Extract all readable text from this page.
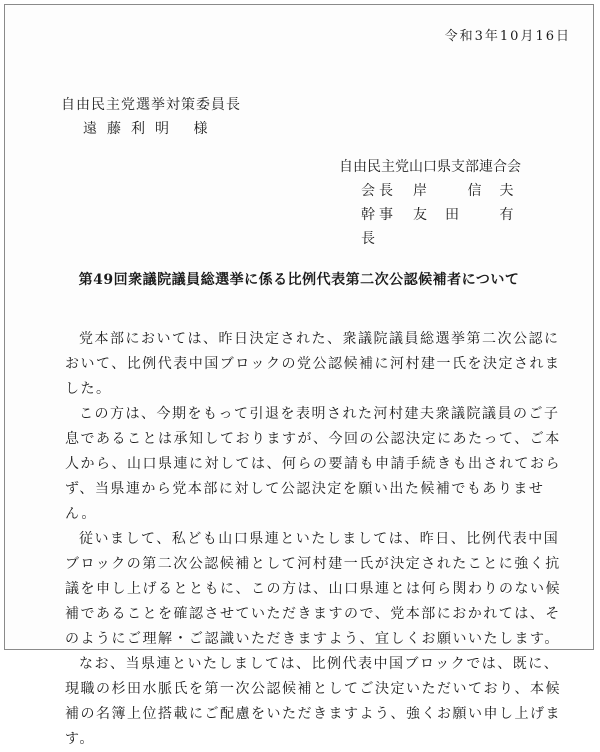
令和3年10月16日
自由民主党選挙対策委員長
遠藤利明 様
自由民主党山口県支部連合会
会長	岸 信夫
幹事長
友田 有
第49回衆議院議員総選挙に係る比例代表第二次公認候補者について

党本部においては、昨日決定された、衆議院議員総選挙第二次公認において、比例代表中国ブロックの党公認候補に河村建一氏を決定されました。

この方は、今期をもって引退を表明された河村建夫衆議院議員のご子息であることは承知しておりますが、今回の公認決定にあたって、ご本人から、山口県連に対しては、何らの要請も申請手続きも出されておらず、当県連から党本部に対して公認決定を願い出た候補でもありません。

従いまして、私ども山口県連といたしましては、昨日、比例代表中国ブロックの第二次公認候補として河村建一氏が決定されたことに強く抗議を申し上げるとともに、この方は、山口県連とは何ら関わりのない候補であることを確認させていただきますので、党本部におかれては、そのようにご理解・ご認識いただきますよう、宜しくお願いいたします。

なお、当県連といたしましては、比例代表中国ブロックでは、既に、現職の杉田水脈氏を第一次公認候補としてご決定いただいており、本候補の名簿上位搭載にご配慮をいただきますよう、強くお願い申し上げます。
